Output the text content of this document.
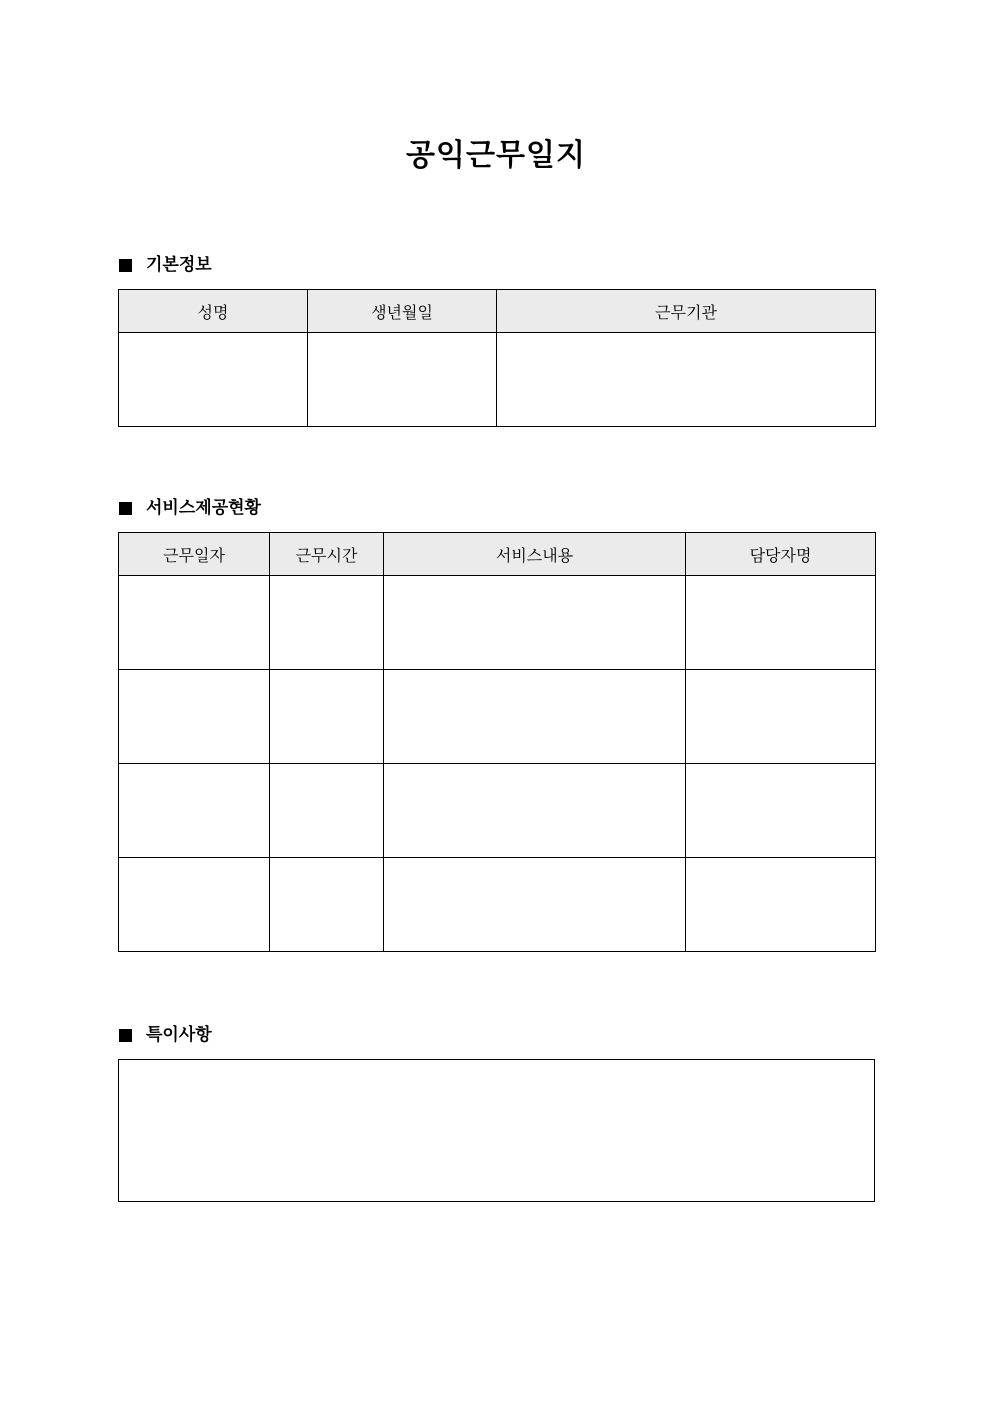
공익근무일지
기본정보
성명	생년월일	근무기관

서비스제공현황
근무일자	근무시간	서비스내용	담당자명

특이사항
